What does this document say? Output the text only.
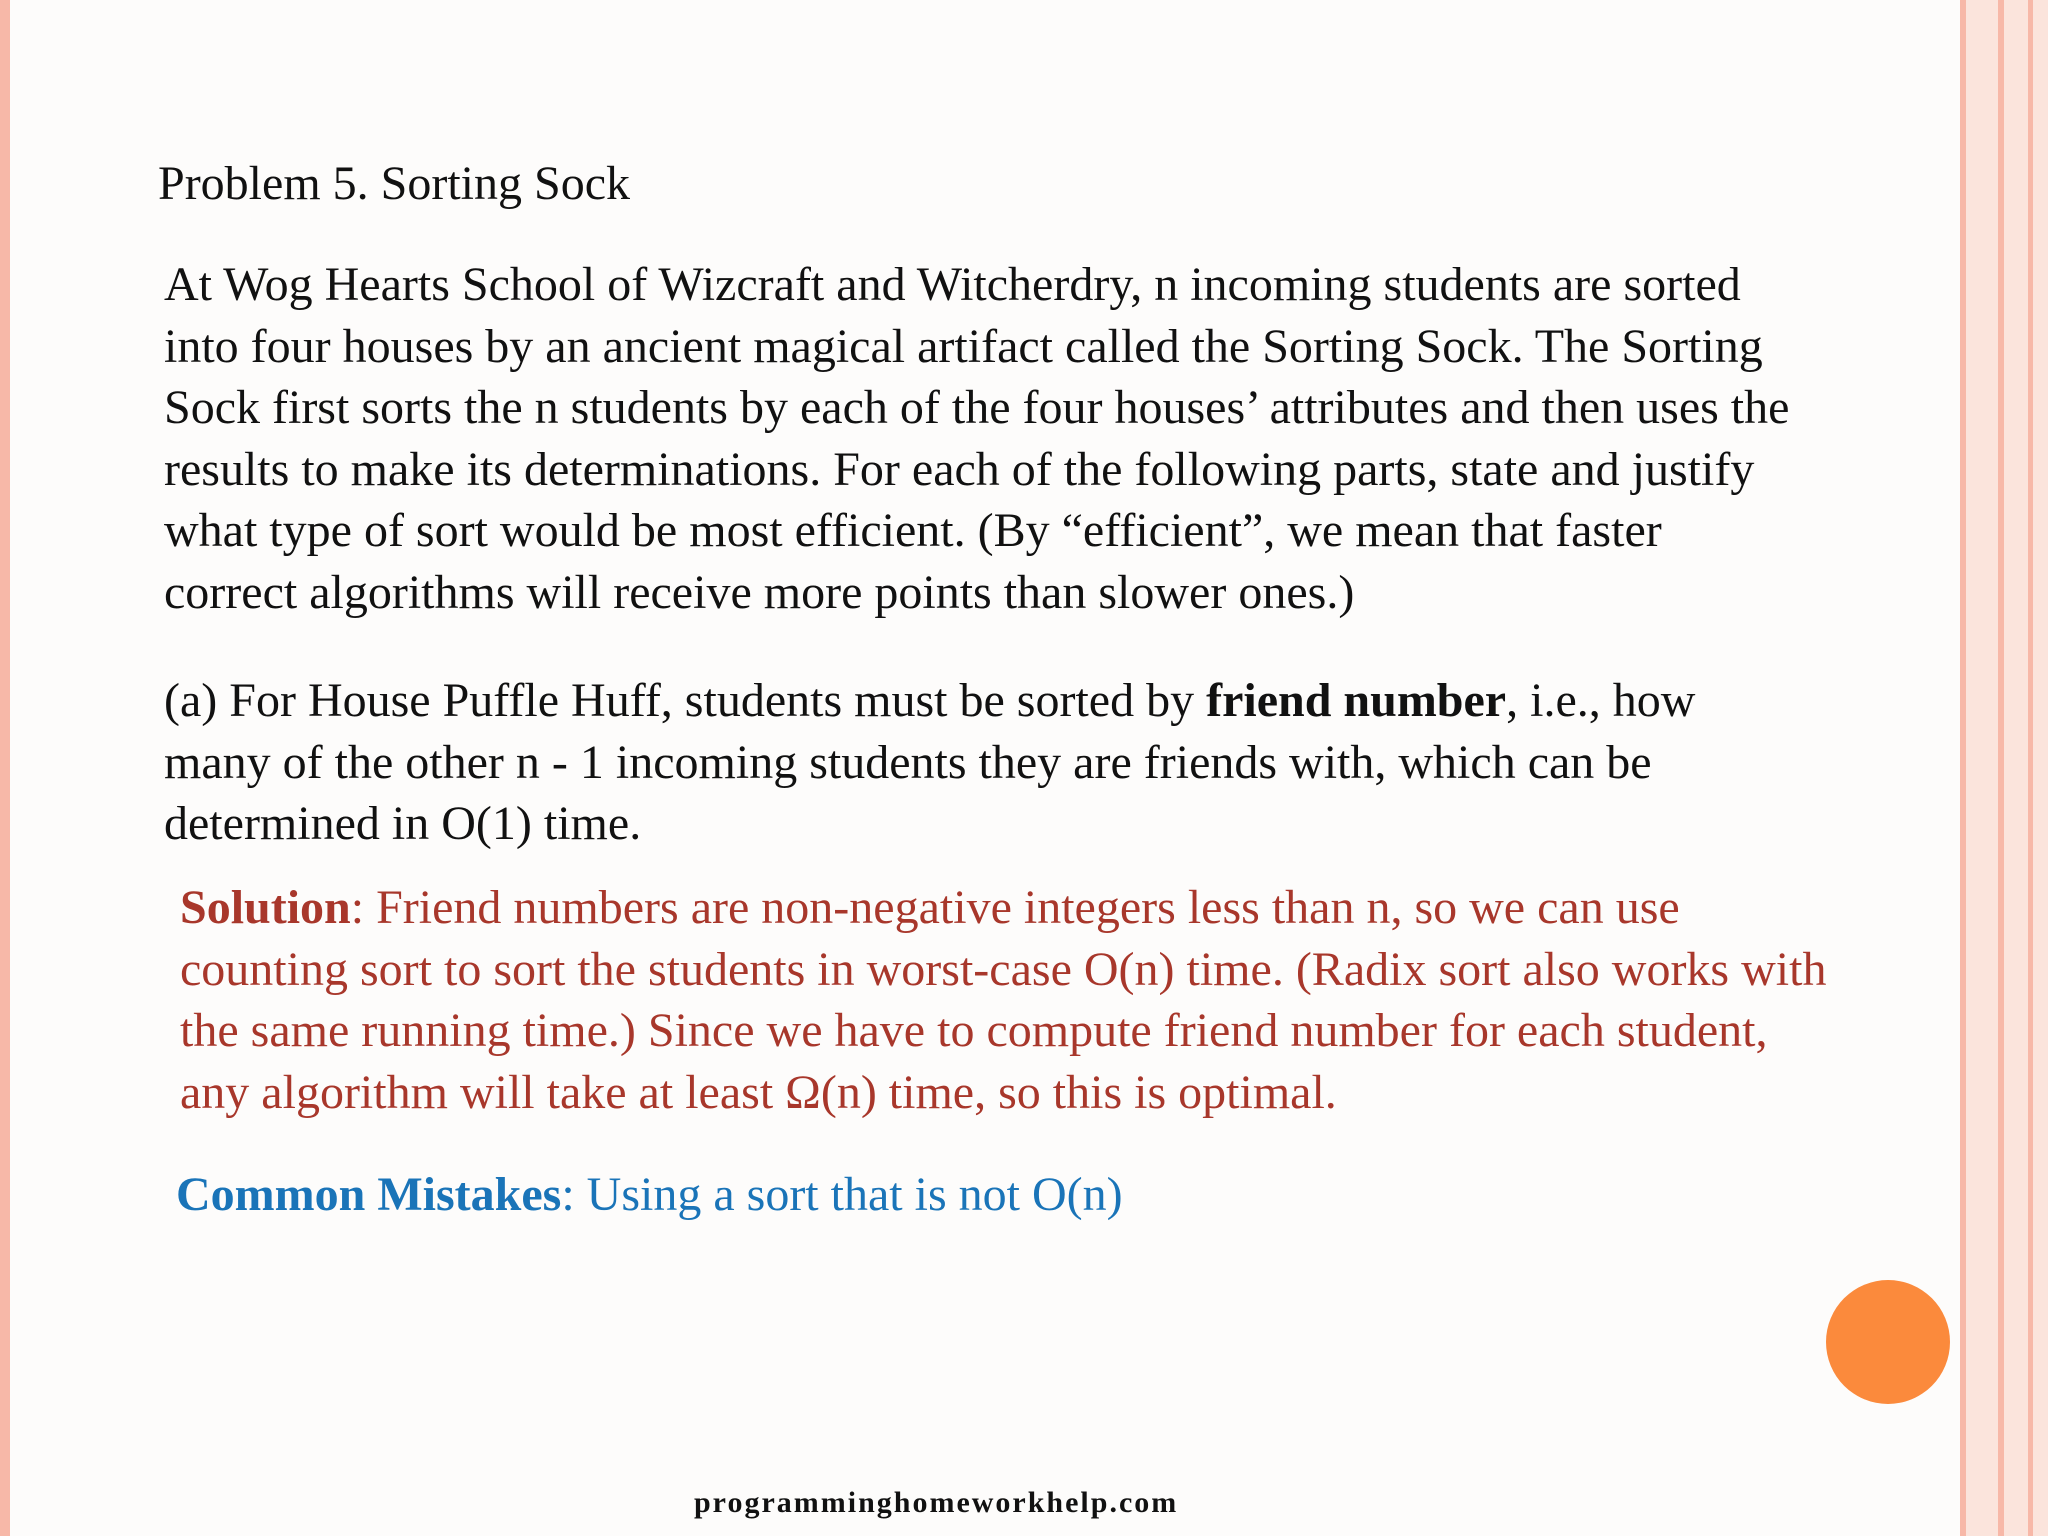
Problem 5. Sorting Sock
At Wog Hearts School of Wizcraft and Witcherdry, n incoming students are sorted
into four houses by an ancient magical artifact called the Sorting Sock. The Sorting
Sock first sorts the n students by each of the four houses’ attributes and then uses the
results to make its determinations. For each of the following parts, state and justify
what type of sort would be most efficient. (By “efficient”, we mean that faster
correct algorithms will receive more points than slower ones.)
(a) For House Puffle Huff, students must be sorted by friend number, i.e., how
many of the other n - 1 incoming students they are friends with, which can be
determined in O(1) time.
Solution: Friend numbers are non-negative integers less than n, so we can use
counting sort to sort the students in worst-case O(n) time. (Radix sort also works with
the same running time.) Since we have to compute friend number for each student,
any algorithm will take at least Ω(n) time, so this is optimal.
Common Mistakes: Using a sort that is not O(n)
programminghomeworkhelp.com
